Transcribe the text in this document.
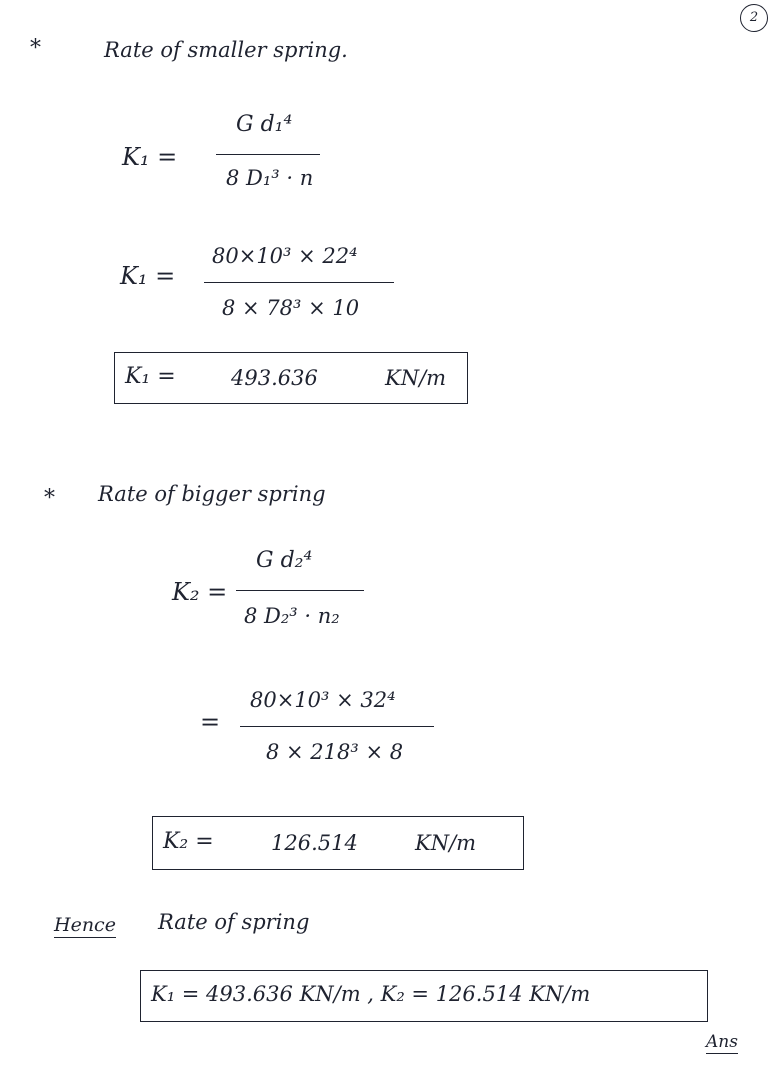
2
*	Rate of smaller spring.
K₁ =
G d₁⁴
8 D₁³ · n
K₁ =
80×10³ × 22⁴
8 × 78³ × 10
K₁ =	493.636	KN/m
* Rate of bigger spring
K₂ =
G d₂⁴
8 D₂³ · n₂
=
80×10³ × 32⁴
8 × 218³ × 8
K₂ =	126.514	KN/m
Hence Rate of spring
K₁ = 493.636 KN/m , K₂ = 126.514 KN/m
Ans
